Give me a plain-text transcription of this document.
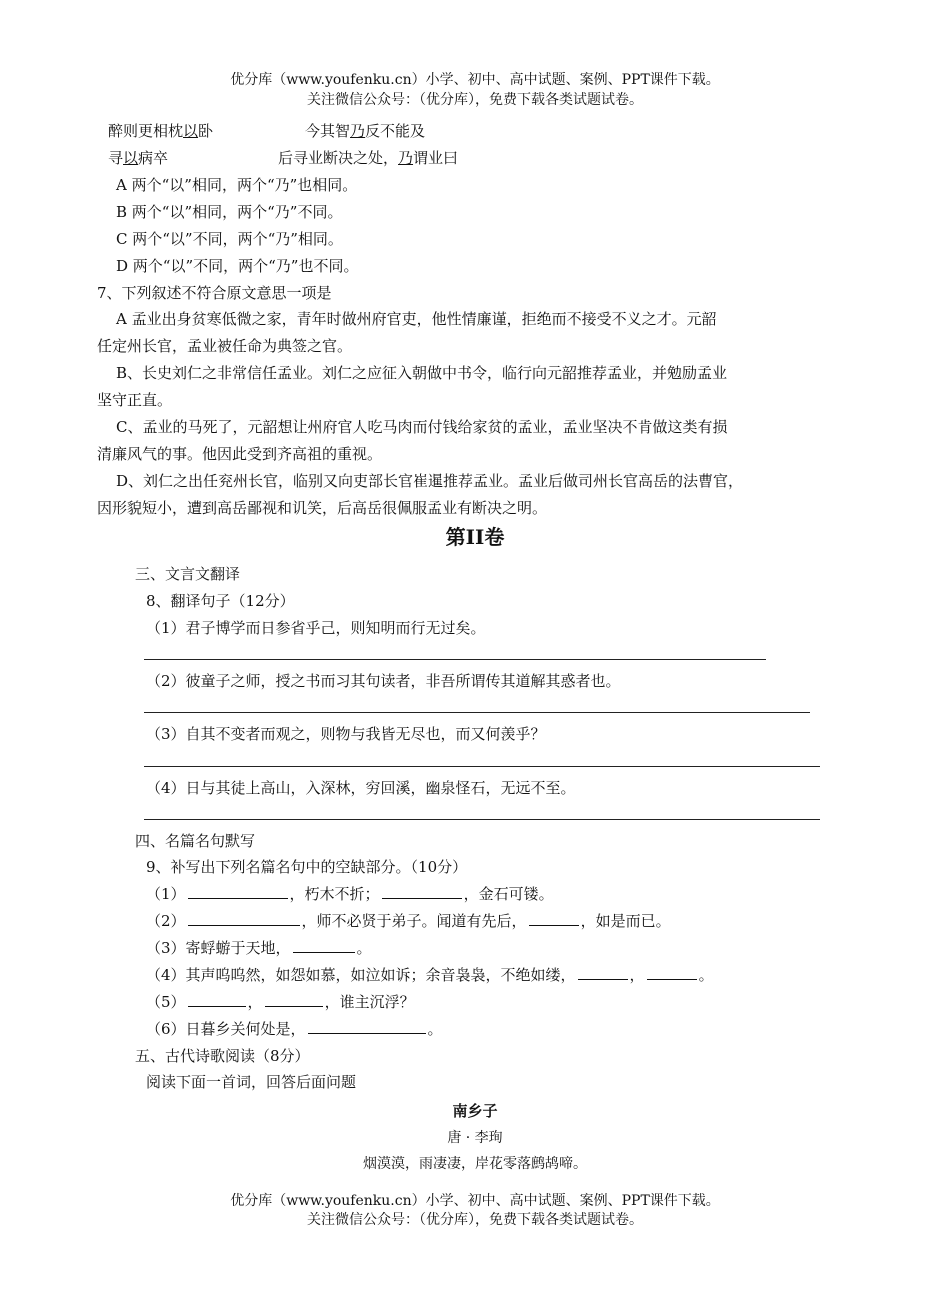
优分库（www.youfenku.cn）小学、初中、高中试题、案例、PPT课件下载。
关注微信公众号：（优分库），免费下载各类试题试卷。
醉则更相枕以卧	今其智乃反不能及
寻以病卒	后寻业断决之处，乃谓业曰
A 两个“以”相同，两个“乃”也相同。
B 两个“以”相同，两个“乃”不同。
C 两个“以”不同，两个“乃”相同。
D 两个“以”不同，两个“乃”也不同。
7、下列叙述不符合原文意思一项是
A 孟业出身贫寒低微之家，青年时做州府官吏，他性情廉谨，拒绝而不接受不义之才。元韶
任定州长官，孟业被任命为典签之官。
B、长史刘仁之非常信任孟业。刘仁之应征入朝做中书令，临行向元韶推荐孟业，并勉励孟业
坚守正直。
C、孟业的马死了，元韶想让州府官人吃马肉而付钱给家贫的孟业，孟业坚决不肯做这类有损
清廉风气的事。他因此受到齐高祖的重视。
D、刘仁之出任兖州长官，临别又向吏部长官崔暹推荐孟业。孟业后做司州长官高岳的法曹官，
因形貌短小，遭到高岳鄙视和讥笑，后高岳很佩服孟业有断决之明。
第II卷
三、文言文翻译
8、翻译句子（12分）
（1）君子博学而日参省乎己，则知明而行无过矣。
（2）彼童子之师，授之书而习其句读者，非吾所谓传其道解其惑者也。
（3）自其不变者而观之，则物与我皆无尽也，而又何羡乎？
（4）日与其徒上高山，入深林，穷回溪，幽泉怪石，无远不至。
四、名篇名句默写
9、补写出下列名篇名句中的空缺部分。（10分）
（1）	，朽木不折；	，金石可镂。
（2）	，师不必贤于弟子。闻道有先后，	，如是而已。
（3）寄蜉蝣于天地，	。
（4）其声呜呜然，如怨如慕，如泣如诉；余音袅袅，不绝如缕，	，	。
（5）	，	，谁主沉浮？
（6）日暮乡关何处是，	。
五、古代诗歌阅读（8分）
阅读下面一首词，回答后面问题
南乡子
唐 · 李珣
烟漠漠，雨凄凄，岸花零落鹧鸪啼。
优分库（www.youfenku.cn）小学、初中、高中试题、案例、PPT课件下载。
关注微信公众号：（优分库），免费下载各类试题试卷。
